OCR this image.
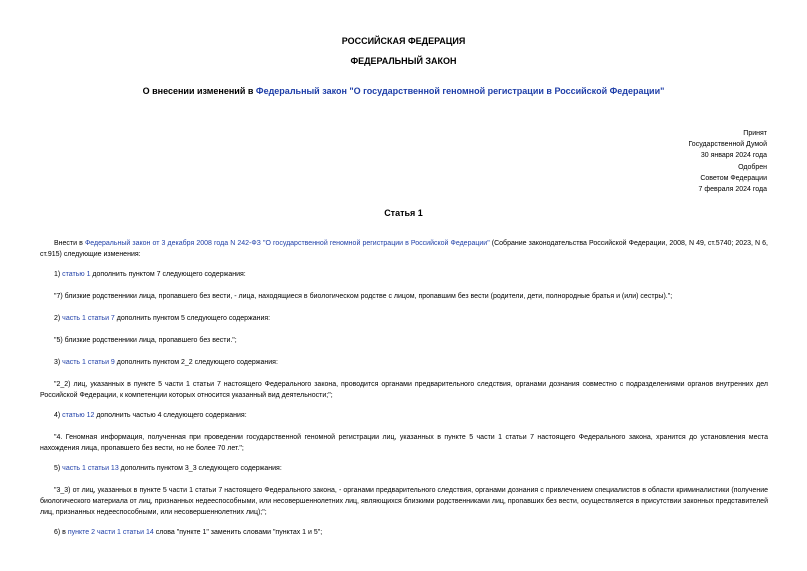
РОССИЙСКАЯ ФЕДЕРАЦИЯ
ФЕДЕРАЛЬНЫЙ ЗАКОН
О внесении изменений в Федеральный закон "О государственной геномной регистрации в Российской Федерации"
Принят
Государственной Думой
30 января 2024 года
Одобрен
Советом Федерации
7 февраля 2024 года
Статья 1

Внести в Федеральный закон от 3 декабря 2008 года N 242-ФЗ "О государственной геномной регистрации в Российской Федерации" (Собрание законодательства Российской Федерации, 2008, N 49, ст.5740; 2023, N 6, ст.915) следующие изменения:

1) статью 1 дополнить пунктом 7 следующего содержания:

"7) близкие родственники лица, пропавшего без вести, - лица, находящиеся в биологическом родстве с лицом, пропавшим без вести (родители, дети, полнородные братья и (или) сестры).";

2) часть 1 статьи 7 дополнить пунктом 5 следующего содержания:

"5) близкие родственники лица, пропавшего без вести.";

3) часть 1 статьи 9 дополнить пунктом 2_2 следующего содержания:

"2_2) лиц, указанных в пункте 5 части 1 статьи 7 настоящего Федерального закона, проводится органами предварительного следствия, органами дознания совместно с подразделениями органов внутренних дел Российской Федерации, к компетенции которых относится указанный вид деятельности;";

4) статью 12 дополнить частью 4 следующего содержания:

"4. Геномная информация, полученная при проведении государственной геномной регистрации лиц, указанных в пункте 5 части 1 статьи 7 настоящего Федерального закона, хранится до установления места нахождения лица, пропавшего без вести, но не более 70 лет.";

5) часть 1 статьи 13 дополнить пунктом 3_3 следующего содержания:

"3_3) от лиц, указанных в пункте 5 части 1 статьи 7 настоящего Федерального закона, - органами предварительного следствия, органами дознания с привлечением специалистов в области криминалистики (получение биологического материала от лиц, признанных недееспособными, или несовершеннолетних лиц, являющихся близкими родственниками лиц, пропавших без вести, осуществляется в присутствии законных представителей лиц, признанных недееспособными, или несовершеннолетних лиц);";

6) в пункте 2 части 1 статьи 14 слова "пункте 1" заменить словами "пунктах 1 и 5";
